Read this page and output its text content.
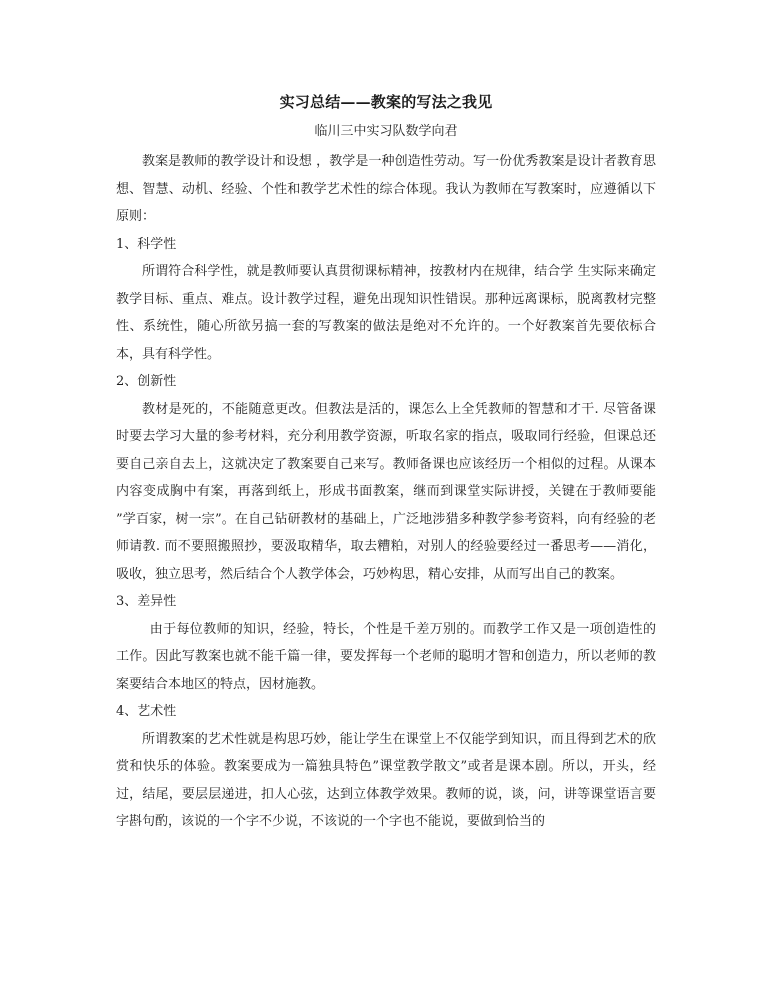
实习总结——教案的写法之我见
临川三中实习队数学向君

教案是教师的教学设计和设想 ，教学是一种创造性劳动。写一份优秀教案是设计者教育思想、智慧、动机、经验、个性和教学艺术性的综合体现。我认为教师在写教案时，应遵循以下原则：

1、科学性

所谓符合科学性，就是教师要认真贯彻课标精神，按教材内在规律，结合学 生实际来确定教学目标、重点、难点。设计教学过程，避免出现知识性错误。那种远离课标，脱离教材完整性、系统性，随心所欲另搞一套的写教案的做法是绝对不允许的。一个好教案首先要依标合本，具有科学性。

2、创新性

教材是死的，不能随意更改。但教法是活的，课怎么上全凭教师的智慧和才干. 尽管备课时要去学习大量的参考材料，充分利用教学资源，听取名家的指点，吸取同行经验，但课总还要自己亲自去上，这就决定了教案要自己来写。教师备课也应该经历一个相似的过程。从课本内容变成胸中有案，再落到纸上，形成书面教案，继而到课堂实际讲授，关键在于教师要能 ”学百家，树一宗”。在自己钻研教材的基础上，广泛地涉猎多种教学参考资料，向有经验的老师请教. 而不要照搬照抄，要汲取精华，取去糟粕，对别人的经验要经过一番思考——消化，吸收，独立思考，然后结合个人教学体会，巧妙构思，精心安排，从而写出自己的教案。

3、差异性

由于每位教师的知识，经验，特长，个性是千差万别的。而教学工作又是一项创造性的工作。因此写教案也就不能千篇一律，要发挥每一个老师的聪明才智和创造力，所以老师的教案要结合本地区的特点，因材施教。

4、艺术性

所谓教案的艺术性就是构思巧妙，能让学生在课堂上不仅能学到知识，而且得到艺术的欣赏和快乐的体验。教案要成为一篇独具特色”课堂教学散文”或者是课本剧。所以，开头，经过，结尾，要层层递进，扣人心弦，达到立体教学效果。教师的说，谈，问，讲等课堂语言要字斟句酌，该说的一个字不少说，不该说的一个字也不能说，要做到恰当的
